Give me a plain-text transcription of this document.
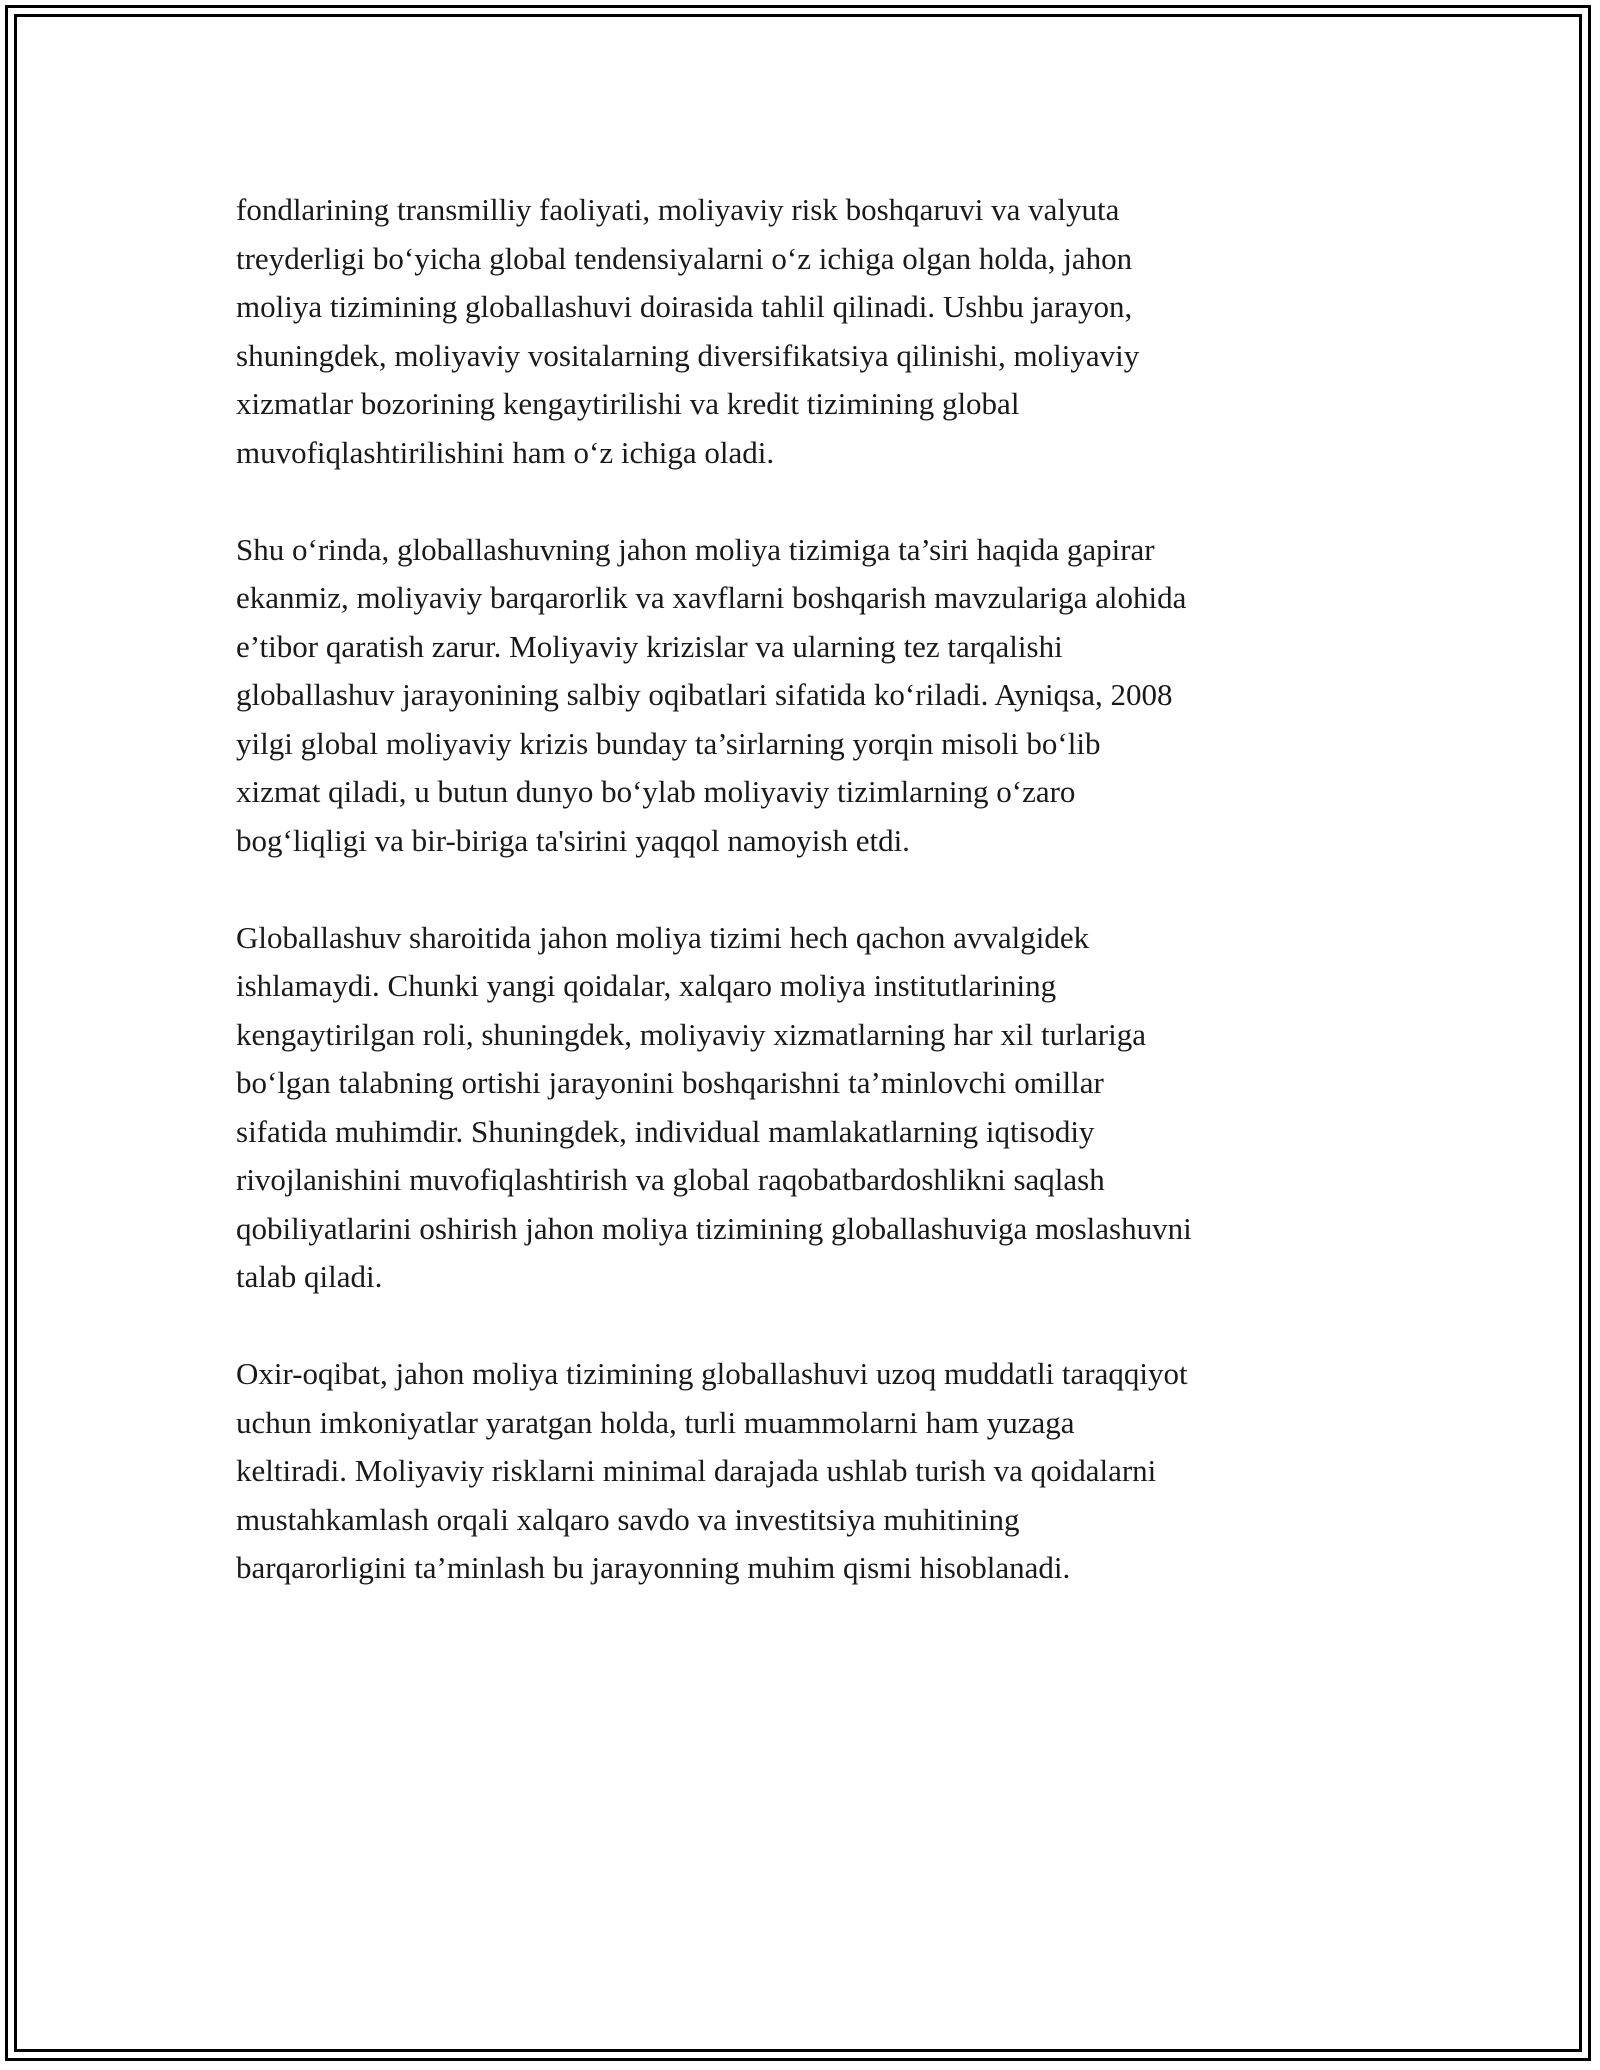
fondlarining transmilliy faoliyati, moliyaviy risk boshqaruvi va valyuta
treyderligi bo‘yicha global tendensiyalarni o‘z ichiga olgan holda, jahon
moliya tizimining globallashuvi doirasida tahlil qilinadi. Ushbu jarayon,
shuningdek, moliyaviy vositalarning diversifikatsiya qilinishi, moliyaviy
xizmatlar bozorining kengaytirilishi va kredit tizimining global
muvofiqlashtirilishini ham o‘z ichiga oladi.

Shu o‘rinda, globallashuvning jahon moliya tizimiga ta’siri haqida gapirar
ekanmiz, moliyaviy barqarorlik va xavflarni boshqarish mavzulariga alohida
e’tibor qaratish zarur. Moliyaviy krizislar va ularning tez tarqalishi
globallashuv jarayonining salbiy oqibatlari sifatida ko‘riladi. Ayniqsa, 2008
yilgi global moliyaviy krizis bunday ta’sirlarning yorqin misoli bo‘lib
xizmat qiladi, u butun dunyo bo‘ylab moliyaviy tizimlarning o‘zaro
bog‘liqligi va bir-biriga ta'sirini yaqqol namoyish etdi.

Globallashuv sharoitida jahon moliya tizimi hech qachon avvalgidek
ishlamaydi. Chunki yangi qoidalar, xalqaro moliya institutlarining
kengaytirilgan roli, shuningdek, moliyaviy xizmatlarning har xil turlariga
bo‘lgan talabning ortishi jarayonini boshqarishni ta’minlovchi omillar
sifatida muhimdir. Shuningdek, individual mamlakatlarning iqtisodiy
rivojlanishini muvofiqlashtirish va global raqobatbardoshlikni saqlash
qobiliyatlarini oshirish jahon moliya tizimining globallashuviga moslashuvni
talab qiladi.

Oxir-oqibat, jahon moliya tizimining globallashuvi uzoq muddatli taraqqiyot
uchun imkoniyatlar yaratgan holda, turli muammolarni ham yuzaga
keltiradi. Moliyaviy risklarni minimal darajada ushlab turish va qoidalarni
mustahkamlash orqali xalqaro savdo va investitsiya muhitining
barqarorligini ta’minlash bu jarayonning muhim qismi hisoblanadi.
